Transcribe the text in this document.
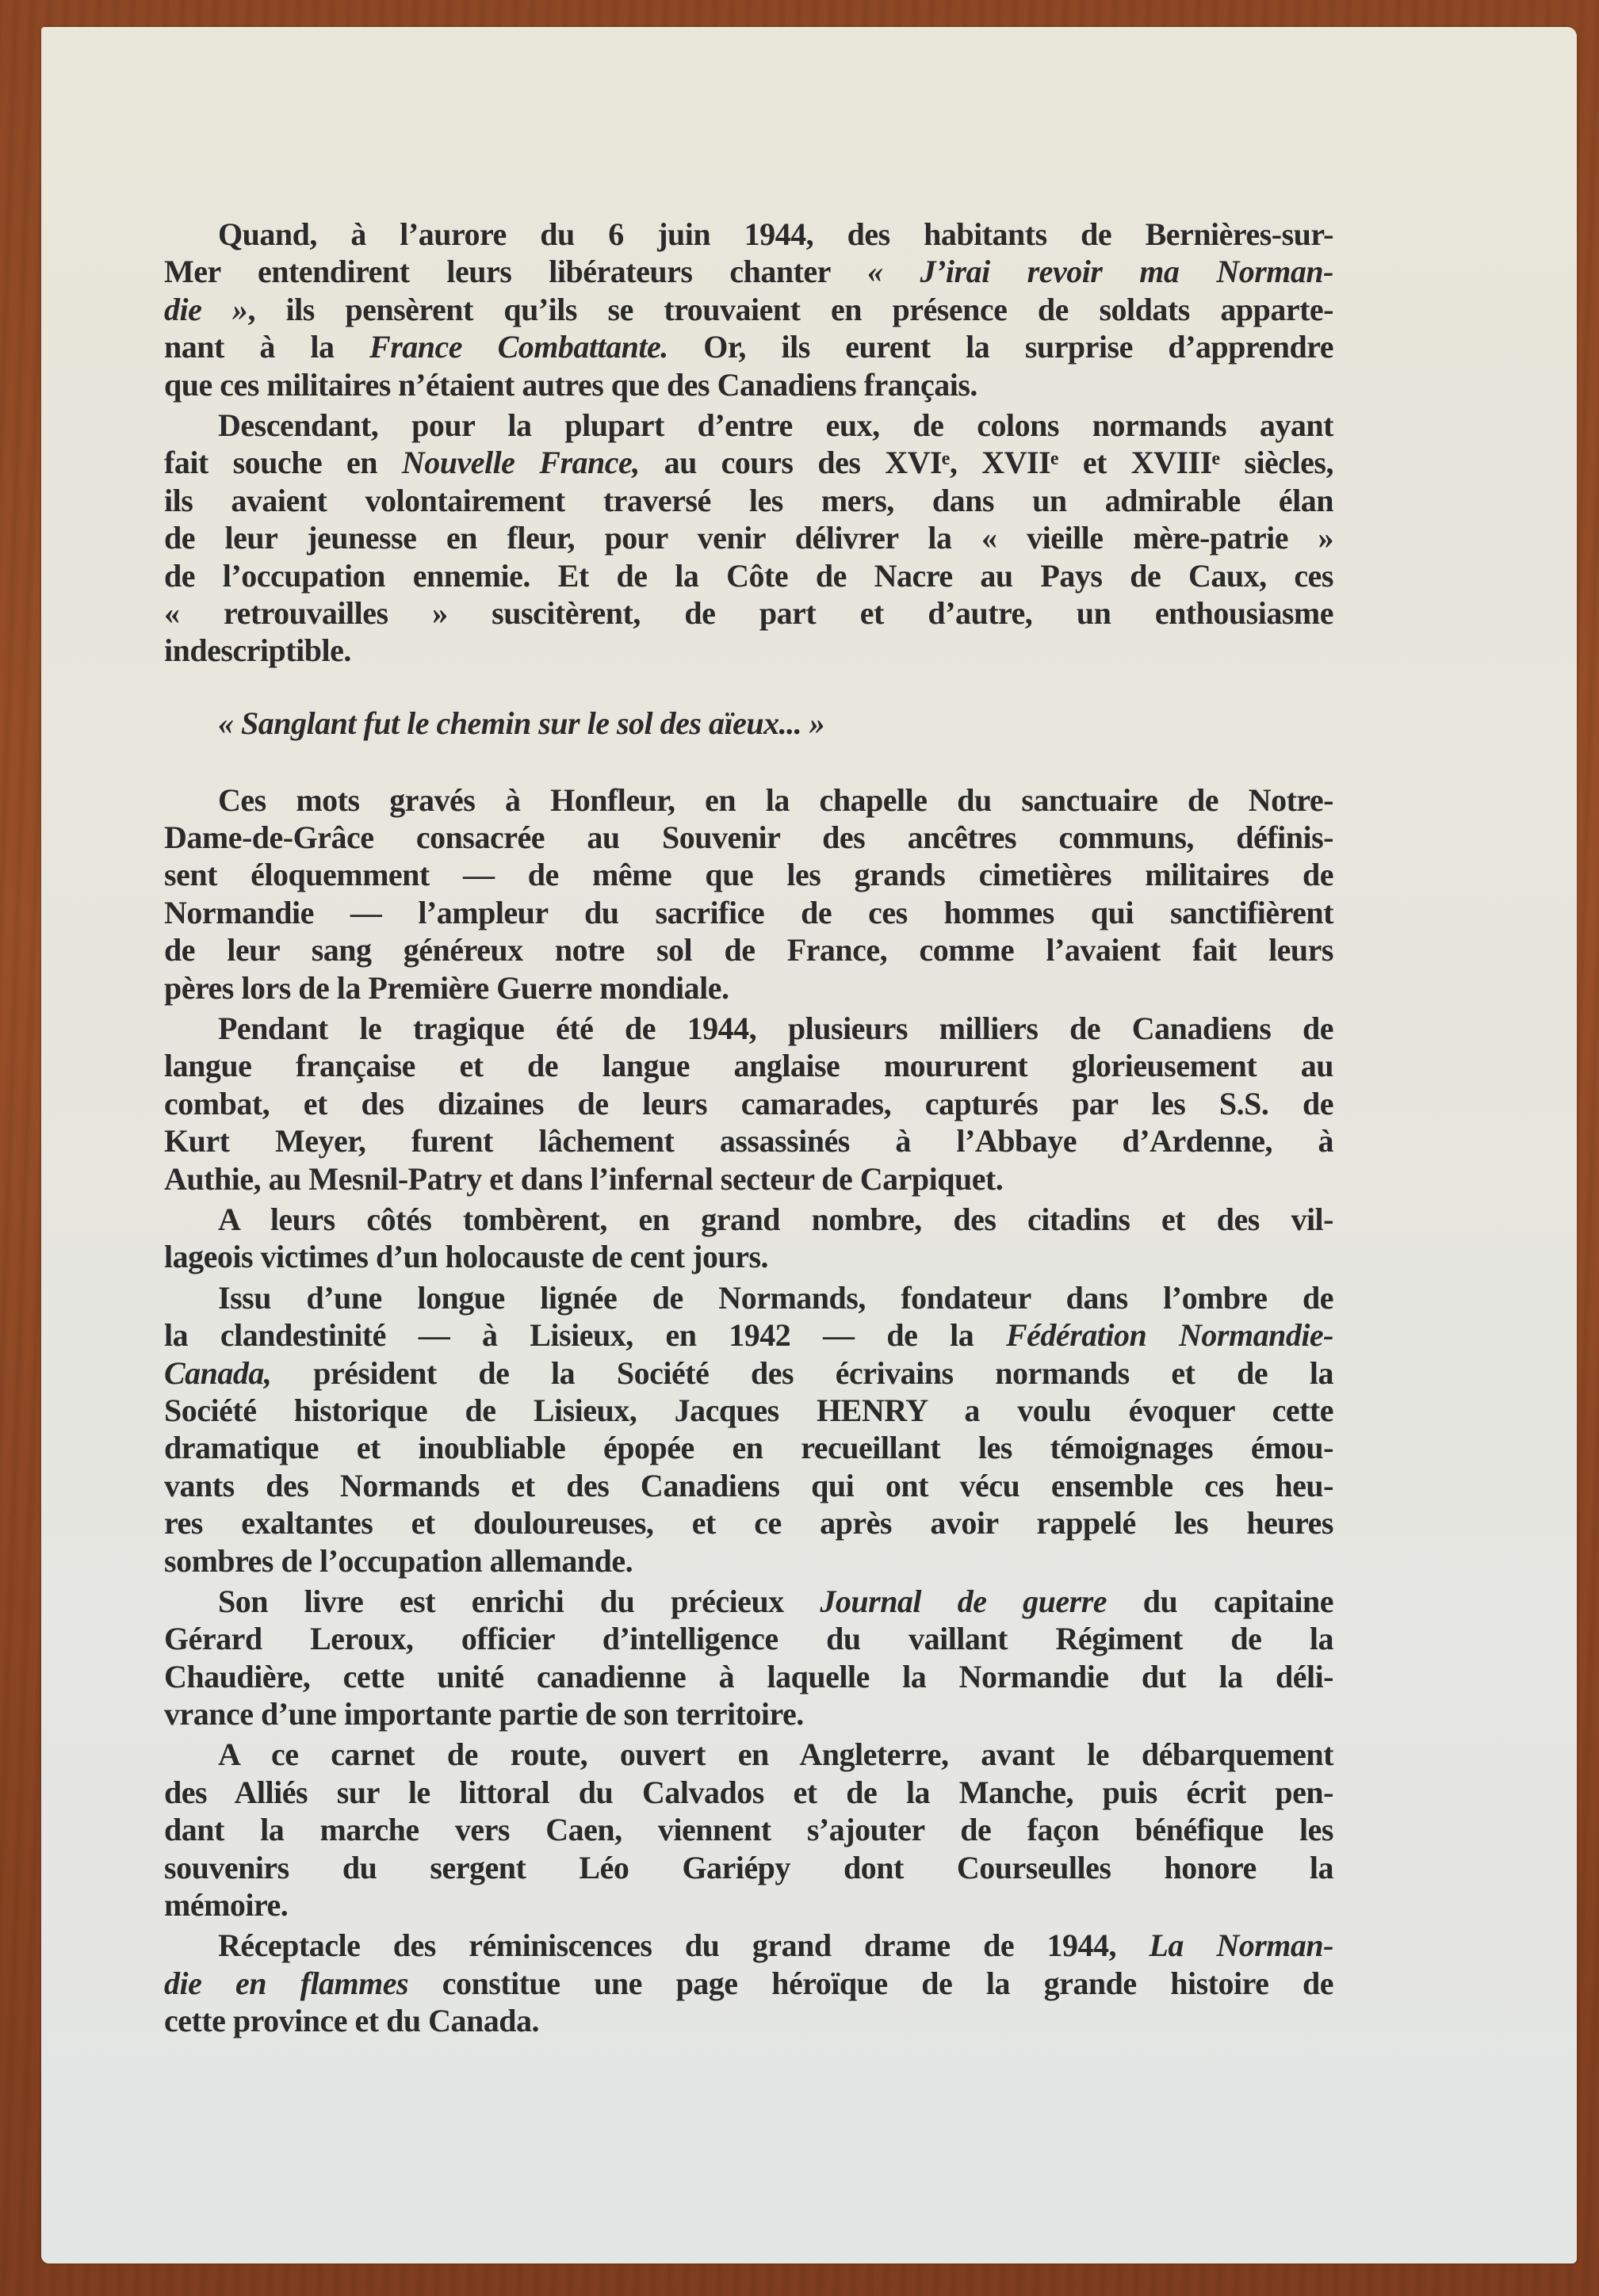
Quand, à l’aurore du 6 juin 1944, des habitants de Bernières-sur-
Mer entendirent leurs libérateurs chanter « J’irai revoir ma Norman-
die », ils pensèrent qu’ils se trouvaient en présence de soldats apparte-
nant à la France Combattante. Or, ils eurent la surprise d’apprendre
que ces militaires n’étaient autres que des Canadiens français.
Descendant, pour la plupart d’entre eux, de colons normands ayant
fait souche en Nouvelle France, au cours des XVIᵉ, XVIIᵉ et XVIIIᵉ siècles,
ils avaient volontairement traversé les mers, dans un admirable élan
de leur jeunesse en fleur, pour venir délivrer la « vieille mère-patrie »
de l’occupation ennemie. Et de la Côte de Nacre au Pays de Caux, ces
« retrouvailles » suscitèrent, de part et d’autre, un enthousiasme
indescriptible.
« Sanglant fut le chemin sur le sol des aïeux... »
Ces mots gravés à Honfleur, en la chapelle du sanctuaire de Notre-
Dame-de-Grâce consacrée au Souvenir des ancêtres communs, définis-
sent éloquemment — de même que les grands cimetières militaires de
Normandie — l’ampleur du sacrifice de ces hommes qui sanctifièrent
de leur sang généreux notre sol de France, comme l’avaient fait leurs
pères lors de la Première Guerre mondiale.
Pendant le tragique été de 1944, plusieurs milliers de Canadiens de
langue française et de langue anglaise moururent glorieusement au
combat, et des dizaines de leurs camarades, capturés par les S.S. de
Kurt Meyer, furent lâchement assassinés à l’Abbaye d’Ardenne, à
Authie, au Mesnil-Patry et dans l’infernal secteur de Carpiquet.
A leurs côtés tombèrent, en grand nombre, des citadins et des vil-
lageois victimes d’un holocauste de cent jours.
Issu d’une longue lignée de Normands, fondateur dans l’ombre de
la clandestinité — à Lisieux, en 1942 — de la Fédération Normandie-
Canada, président de la Société des écrivains normands et de la
Société historique de Lisieux, Jacques HENRY a voulu évoquer cette
dramatique et inoubliable épopée en recueillant les témoignages émou-
vants des Normands et des Canadiens qui ont vécu ensemble ces heu-
res exaltantes et douloureuses, et ce après avoir rappelé les heures
sombres de l’occupation allemande.
Son livre est enrichi du précieux Journal de guerre du capitaine
Gérard Leroux, officier d’intelligence du vaillant Régiment de la
Chaudière, cette unité canadienne à laquelle la Normandie dut la déli-
vrance d’une importante partie de son territoire.
A ce carnet de route, ouvert en Angleterre, avant le débarquement
des Alliés sur le littoral du Calvados et de la Manche, puis écrit pen-
dant la marche vers Caen, viennent s’ajouter de façon bénéfique les
souvenirs du sergent Léo Gariépy dont Courseulles honore la
mémoire.
Réceptacle des réminiscences du grand drame de 1944, La Norman-
die en flammes constitue une page héroïque de la grande histoire de
cette province et du Canada.
